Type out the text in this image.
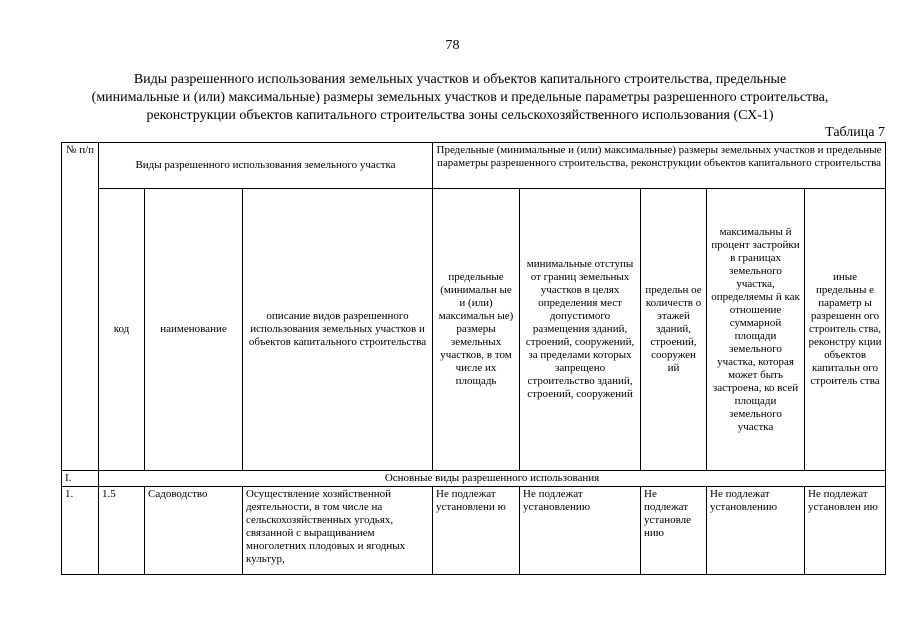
78
Виды разрешенного использования земельных участков и объектов капитального строительства, предельные
(минимальные и (или) максимальные) размеры земельных участков и предельные параметры разрешенного строительства,
реконструкции объектов капитального строительства зоны сельскохозяйственного использования (СХ-1)
Таблица 7
№ п/п	Виды разрешенного использования земельного участка			Предельные (минимальные и (или) максимальные) размеры земельных участков и предельные параметры разрешенного строительства, реконструкции объектов капитального строительства				
	код	наименование	описание видов разрешенного использования земельных участков и объектов капитального строительства	предельные (минимальн ые и (или) максимальн ые) размеры земельных участков, в том числе их площадь	минимальные отступы от границ земельных участков в целях определения мест допустимого размещения зданий, строений, сооружений, за пределами которых запрещено строительство зданий, строений, сооружений	предельн ое количеств о этажей зданий, строений, сооружен ий	максимальны й процент застройки в границах земельного участка, определяемы й как отношение суммарной площади земельного участка, которая может быть застроена, ко всей площади земельного участка	иные предельны е параметр ы разрешенн ого строитель ства, реконстру кции объектов капитальн ого строитель ства
I.	Основные виды разрешенного использования							
1.	1.5	Садоводство	Осуществление хозяйственной деятельности, в том числе на сельскохозяйственных угодьях, связанной с выращиванием многолетних плодовых и ягодных культур,	Не подлежат установлени ю	Не подлежат установлению	Не подлежат установле нию	Не подлежат установлению	Не подлежат установлен ию
